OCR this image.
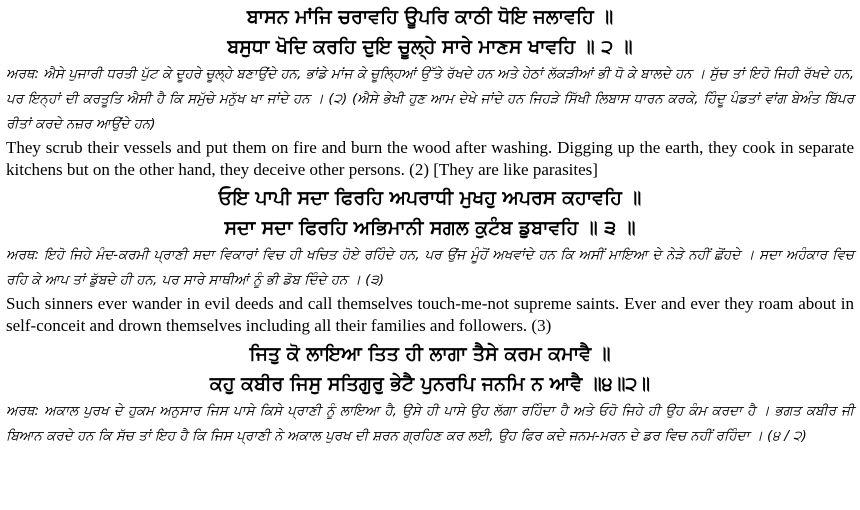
ਬਾਸਨ ਮਾਂਜਿ ਚਰਾਵਹਿ ਊਪਰਿ ਕਾਠੀ ਧੋਇ ਜਲਾਵਹਿ ॥

ਬਸੁਧਾ ਖੋਦਿ ਕਰਹਿ ਦੁਇ ਚੂਲ੍ਹੇ ਸਾਰੇ ਮਾਣਸ ਖਾਵਹਿ ॥ ੨ ॥

ਅਰਥ: ਐਸੇ ਪੁਜਾਰੀ ਧਰਤੀ ਪੁੱਟ ਕੇ ਦੂਹਰੇ ਚੂਲ੍ਹੇ ਬਣਾਉਂਦੇ ਹਨ, ਭਾਂਡੇ ਮਾਂਜ ਕੇ ਚੂਲ੍ਹਿਆਂ ਉੱਤੇ ਰੱਖਦੇ ਹਨ ਅਤੇ ਹੇਠਾਂ ਲੱਕੜੀਆਂ ਭੀ ਧੋ ਕੇ ਬਾਲਦੇ ਹਨ । ਸੁੱਚ ਤਾਂ ਇਹੋ ਜਿਹੀ ਰੱਖਦੇ ਹਨ, ਪਰ ਇਨ੍ਹਾਂ ਦੀ ਕਰਤੂਤਿ ਐਸੀ ਹੈ ਕਿ ਸਮੁੱਚੇ ਮਨੁੱਖ ਖਾ ਜਾਂਦੇ ਹਨ । (੨) (ਐਸੇ ਭੇਖੀ ਹੁਣ ਆਮ ਦੇਖੇ ਜਾਂਦੇ ਹਨ ਜਿਹੜੇ ਸਿੱਖੀ ਲਿਬਾਸ ਧਾਰਨ ਕਰਕੇ, ਹਿੰਦੂ ਪੰਡਤਾਂ ਵਾਂਗ ਬੇਅੰਤ ਬਿੱਪਰ ਰੀਤਾਂ ਕਰਦੇ ਨਜ਼ਰ ਆਉਂਦੇ ਹਨ)

They scrub their vessels and put them on fire and burn the wood after washing. Digging up the earth, they cook in separate kitchens but on the other hand, they deceive other persons. (2) [They are like parasites]

ਓਇ ਪਾਪੀ ਸਦਾ ਫਿਰਹਿ ਅਪਰਾਧੀ ਮੁਖਹੁ ਅਪਰਸ ਕਹਾਵਹਿ ॥

ਸਦਾ ਸਦਾ ਫਿਰਹਿ ਅਭਿਮਾਨੀ ਸਗਲ ਕੁਟੰਬ ਡੁਬਾਵਹਿ ॥ ੩ ॥

ਅਰਥ: ਇਹੋ ਜਿਹੇ ਮੰਦ-ਕਰਮੀ ਪ੍ਰਾਣੀ ਸਦਾ ਵਿਕਾਰਾਂ ਵਿਚ ਹੀ ਖਚਿਤ ਹੋਏ ਰਹਿੰਦੇ ਹਨ, ਪਰ ਉਂਜ ਮੂੰਹੋਂ ਅਖਵਾਂਦੇ ਹਨ ਕਿ ਅਸੀਂ ਮਾਇਆ ਦੇ ਨੇੜੇ ਨਹੀਂ ਛੋਂਹਦੇ । ਸਦਾ ਅਹੰਕਾਰ ਵਿਚ ਰਹਿ ਕੇ ਆਪ ਤਾਂ ਡੁੱਬਦੇ ਹੀ ਹਨ, ਪਰ ਸਾਰੇ ਸਾਥੀਆਂ ਨੂੰ ਭੀ ਡੋਬ ਦਿੰਦੇ ਹਨ । (੩)

Such sinners ever wander in evil deeds and call themselves touch-me-not supreme saints. Ever and ever they roam about in self-conceit and drown themselves including all their families and followers. (3)

ਜਿਤੁ ਕੋ ਲਾਇਆ ਤਿਤ ਹੀ ਲਾਗਾ ਤੈਸੇ ਕਰਮ ਕਮਾਵੈ ॥

ਕਹੁ ਕਬੀਰ ਜਿਸੁ ਸਤਿਗੁਰੁ ਭੇਟੈ ਪੁਨਰਪਿ ਜਨਮਿ ਨ ਆਵੈ ॥੪॥੨॥

ਅਰਥ: ਅਕਾਲ ਪੁਰਖ ਦੇ ਹੁਕਮ ਅਨੁਸਾਰ ਜਿਸ ਪਾਸੇ ਕਿਸੇ ਪ੍ਰਾਣੀ ਨੂੰ ਲਾਇਆ ਹੈ, ਉਸੇ ਹੀ ਪਾਸੇ ਉਹ ਲੱਗਾ ਰਹਿੰਦਾ ਹੈ ਅਤੇ ਓਹੋ ਜਿਹੇ ਹੀ ਉਹ ਕੰਮ ਕਰਦਾ ਹੈ । ਭਗਤ ਕਬੀਰ ਜੀ ਬਿਆਨ ਕਰਦੇ ਹਨ ਕਿ ਸੱਚ ਤਾਂ ਇਹ ਹੈ ਕਿ ਜਿਸ ਪ੍ਰਾਣੀ ਨੇ ਅਕਾਲ ਪੁਰਖ ਦੀ ਸ਼ਰਨ ਗ੍ਰਹਿਣ ਕਰ ਲਈ, ਉਹ ਫਿਰ ਕਦੇ ਜਨਮ-ਮਰਨ ਦੇ ਡਰ ਵਿਚ ਨਹੀਂ ਰਹਿੰਦਾ । (੪ / ੨)
